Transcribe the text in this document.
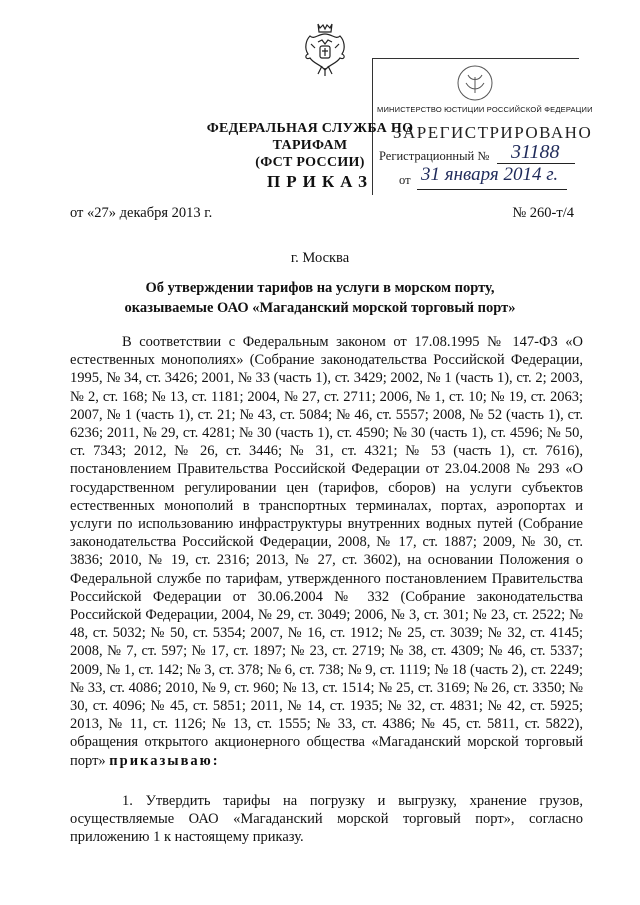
МИНИСТЕРСТВО ЮСТИЦИИ РОССИЙСКОЙ ФЕДЕРАЦИИ
ЗАРЕГИСТРИРОВАНО
Регистрационный № 31188
от 31 января 2014 г.
ФЕДЕРАЛЬНАЯ СЛУЖБА ПО ТАРИФАМ
(ФСТ РОССИИ)
ПРИКАЗ
от «27» декабря 2013 г.	№ 260-т/4
г. Москва
Об утверждении тарифов на услуги в морском порту,
оказываемые ОАО «Магаданский морской торговый порт»

В соответствии с Федеральным законом от 17.08.1995 № 147-ФЗ «О естественных монополиях» (Собрание законодательства Российской Федерации, 1995, № 34, ст. 3426; 2001, № 33 (часть 1), ст. 3429; 2002, № 1 (часть 1), ст. 2; 2003, № 2, ст. 168; № 13, ст. 1181; 2004, № 27, ст. 2711; 2006, № 1, ст. 10; № 19, ст. 2063; 2007, № 1 (часть 1), ст. 21; № 43, ст. 5084; № 46, ст. 5557; 2008, № 52 (часть 1), ст. 6236; 2011, № 29, ст. 4281; № 30 (часть 1), ст. 4590; № 30 (часть 1), ст. 4596; № 50, ст. 7343; 2012, № 26, ст. 3446; № 31, ст. 4321; № 53 (часть 1), ст. 7616), постановлением Правительства Российской Федерации от 23.04.2008 № 293 «О государственном регулировании цен (тарифов, сборов) на услуги субъектов естественных монополий в транспортных терминалах, портах, аэропортах и услуги по использованию инфраструктуры внутренних водных путей (Собрание законодательства Российской Федерации, 2008, № 17, ст. 1887; 2009, № 30, ст. 3836; 2010, № 19, ст. 2316; 2013, № 27, ст. 3602), на основании Положения о Федеральной службе по тарифам, утвержденного постановлением Правительства Российской Федерации от 30.06.2004 № 332 (Собрание законодательства Российской Федерации, 2004, № 29, ст. 3049; 2006, № 3, ст. 301; № 23, ст. 2522; № 48, ст. 5032; № 50, ст. 5354; 2007, № 16, ст. 1912; № 25, ст. 3039; № 32, ст. 4145; 2008, № 7, ст. 597; № 17, ст. 1897; № 23, ст. 2719; № 38, ст. 4309; № 46, ст. 5337; 2009, № 1, ст. 142; № 3, ст. 378; № 6, ст. 738; № 9, ст. 1119; № 18 (часть 2), ст. 2249; № 33, ст. 4086; 2010, № 9, ст. 960; № 13, ст. 1514; № 25, ст. 3169; № 26, ст. 3350; № 30, ст. 4096; № 45, ст. 5851; 2011, № 14, ст. 1935; № 32, ст. 4831; № 42, ст. 5925; 2013, № 11, ст. 1126; № 13, ст. 1555; № 33, ст. 4386; № 45, ст. 5811, ст. 5822), обращения открытого акционерного общества «Магаданский морской торговый порт» приказываю:

1. Утвердить тарифы на погрузку и выгрузку, хранение грузов, осуществляемые ОАО «Магаданский морской торговый порт», согласно приложению 1 к настоящему приказу.
